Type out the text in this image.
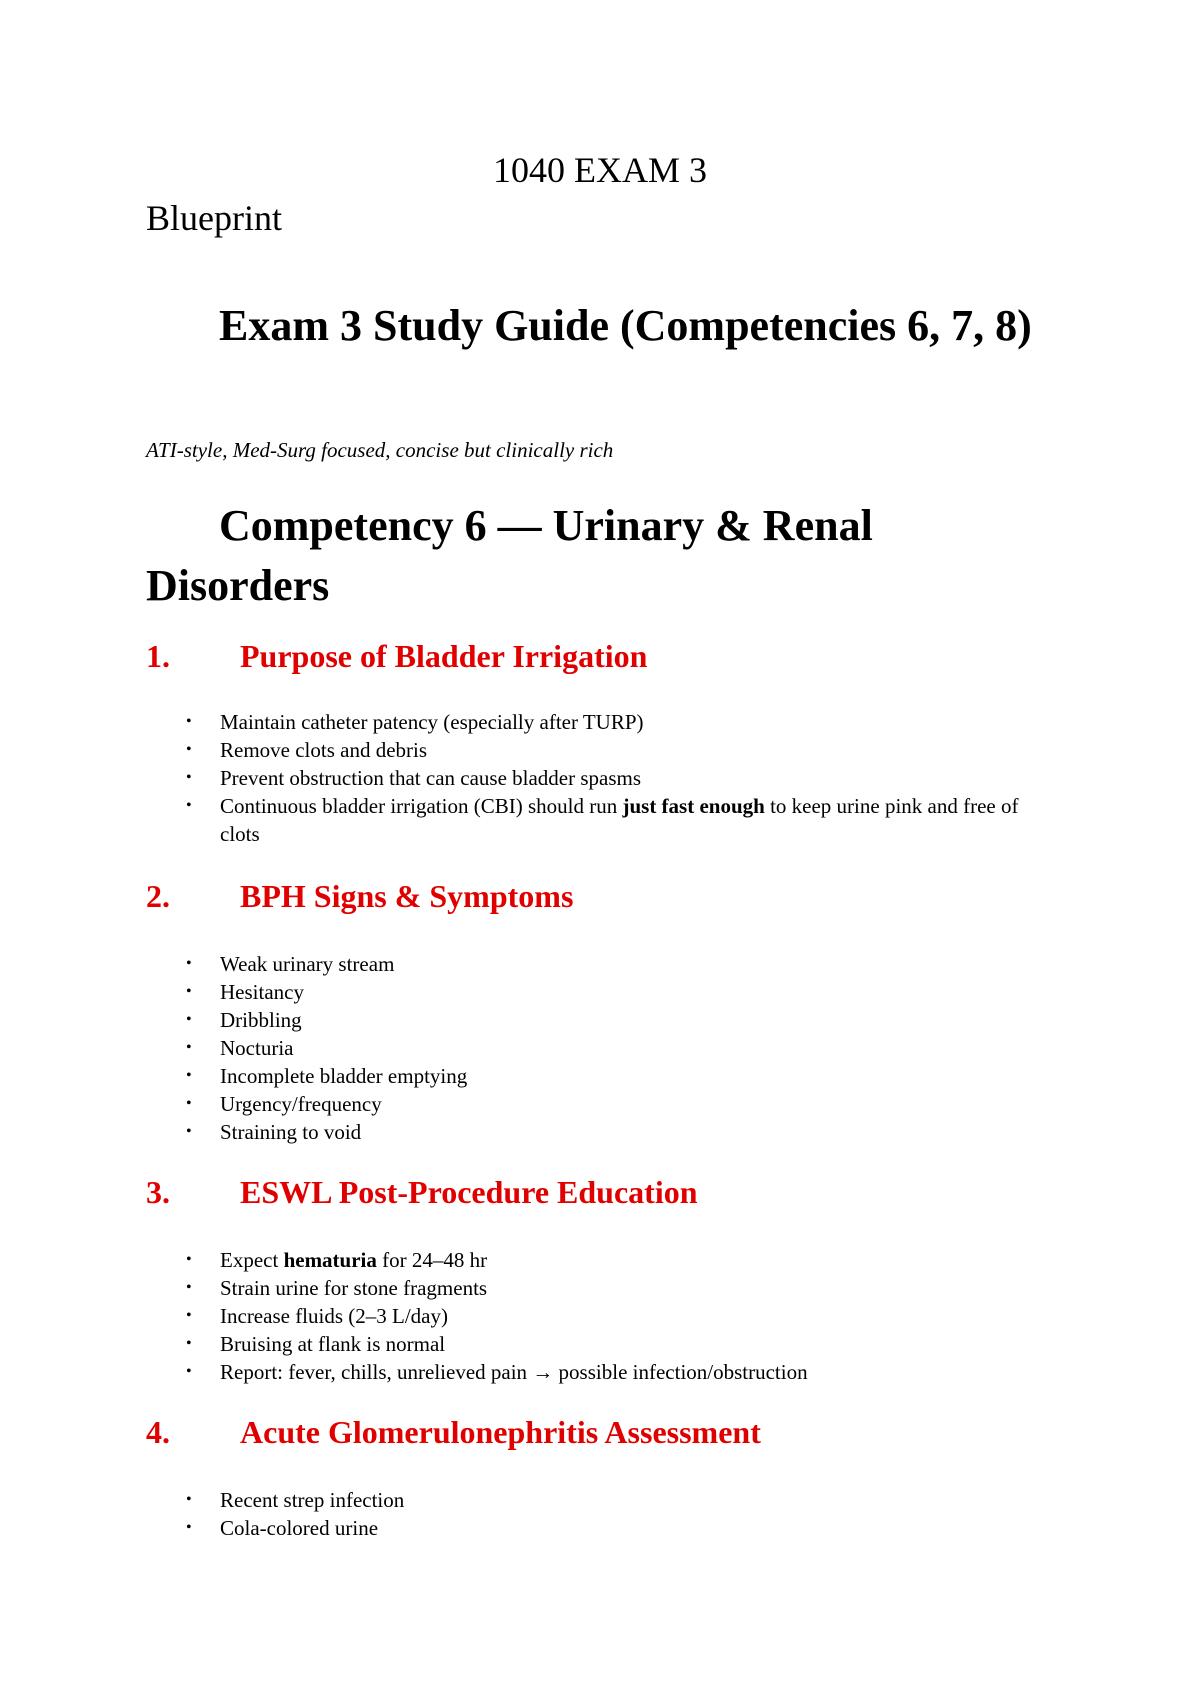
1040 EXAM 3
Blueprint
Exam 3 Study Guide (Competencies 6, 7, 8)
ATI-style, Med-Surg focused, concise but clinically rich
Competency 6 — Urinary & Renal Disorders
1. Purpose of Bladder Irrigation
• Maintain catheter patency (especially after TURP)
• Remove clots and debris
• Prevent obstruction that can cause bladder spasms
• Continuous bladder irrigation (CBI) should run just fast enough to keep urine pink and free of clots
2. BPH Signs & Symptoms
• Weak urinary stream
• Hesitancy
• Dribbling
• Nocturia
• Incomplete bladder emptying
• Urgency/frequency
• Straining to void
3. ESWL Post-Procedure Education
• Expect hematuria for 24–48 hr
• Strain urine for stone fragments
• Increase fluids (2–3 L/day)
• Bruising at flank is normal
• Report: fever, chills, unrelieved pain → possible infection/obstruction
4. Acute Glomerulonephritis Assessment
• Recent strep infection
• Cola-colored urine
